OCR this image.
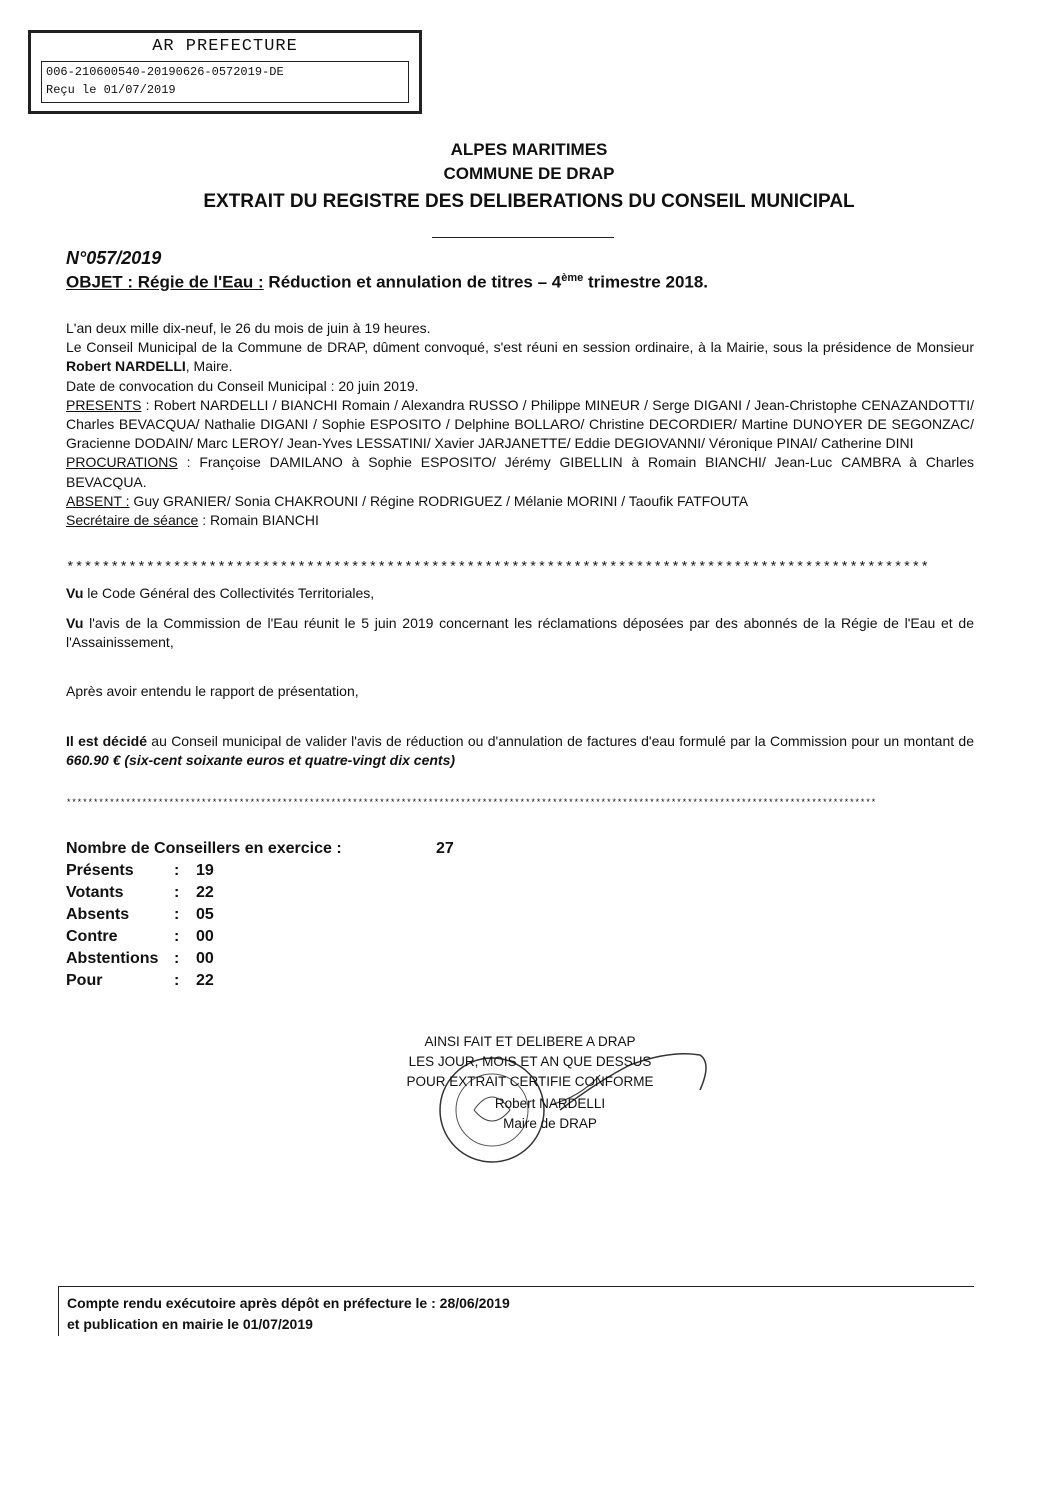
AR PREFECTURE
006-210600540-20190626-0572019-DE
Reçu le 01/07/2019
ALPES MARITIMES
COMMUNE DE DRAP
EXTRAIT DU REGISTRE DES DELIBERATIONS DU CONSEIL MUNICIPAL
N°057/2019
OBJET : Régie de l'Eau : Réduction et annulation de titres – 4ème trimestre 2018.
L'an deux mille dix-neuf, le 26 du mois de juin à 19 heures.
Le Conseil Municipal de la Commune de DRAP, dûment convoqué, s'est réuni en session ordinaire, à la Mairie, sous la présidence de Monsieur Robert NARDELLI, Maire.
Date de convocation du Conseil Municipal : 20 juin 2019.
PRESENTS : Robert NARDELLI / BIANCHI Romain / Alexandra RUSSO / Philippe MINEUR / Serge DIGANI / Jean-Christophe CENAZANDOTTI/ Charles BEVACQUA/ Nathalie DIGANI / Sophie ESPOSITO / Delphine BOLLARO/ Christine DECORDIER/ Martine DUNOYER DE SEGONZAC/ Gracienne DODAIN/ Marc LEROY/ Jean-Yves LESSATINI/ Xavier JARJANETTE/ Eddie DEGIOVANNI/ Véronique PINAI/ Catherine DINI
PROCURATIONS : Françoise DAMILANO à Sophie ESPOSITO/ Jérémy GIBELLIN à Romain BIANCHI/ Jean-Luc CAMBRA à Charles BEVACQUA.
ABSENT : Guy GRANIER/ Sonia CHAKROUNI / Régine RODRIGUEZ / Mélanie MORINI / Taoufik FATFOUTA
Secrétaire de séance : Romain BIANCHI
*************************************************************************************************
Vu le Code Général des Collectivités Territoriales,
Vu l'avis de la Commission de l'Eau réunit le 5 juin 2019 concernant les réclamations déposées par des abonnés de la Régie de l'Eau et de l'Assainissement,
Après avoir entendu le rapport de présentation,
Il est décidé au Conseil municipal de valider l'avis de réduction ou d'annulation de factures d'eau formulé par la Commission pour un montant de 660.90 € (six-cent soixante euros et quatre-vingt dix cents)
******************************************************************************************************************************************************
Nombre de Conseillers en exercice :	27
Présents	:	19
Votants	:	22
Absents	:	05
Contre	:	00
Abstentions :	00
Pour	:	22
AINSI FAIT ET DELIBERE A DRAP
LES JOUR, MOIS ET AN QUE DESSUS
POUR EXTRAIT CERTIFIE CONFORME
Robert NARDELLI
Maire de DRAP
Compte rendu exécutoire après dépôt en préfecture le : 28/06/2019
et publication en mairie le 01/07/2019
